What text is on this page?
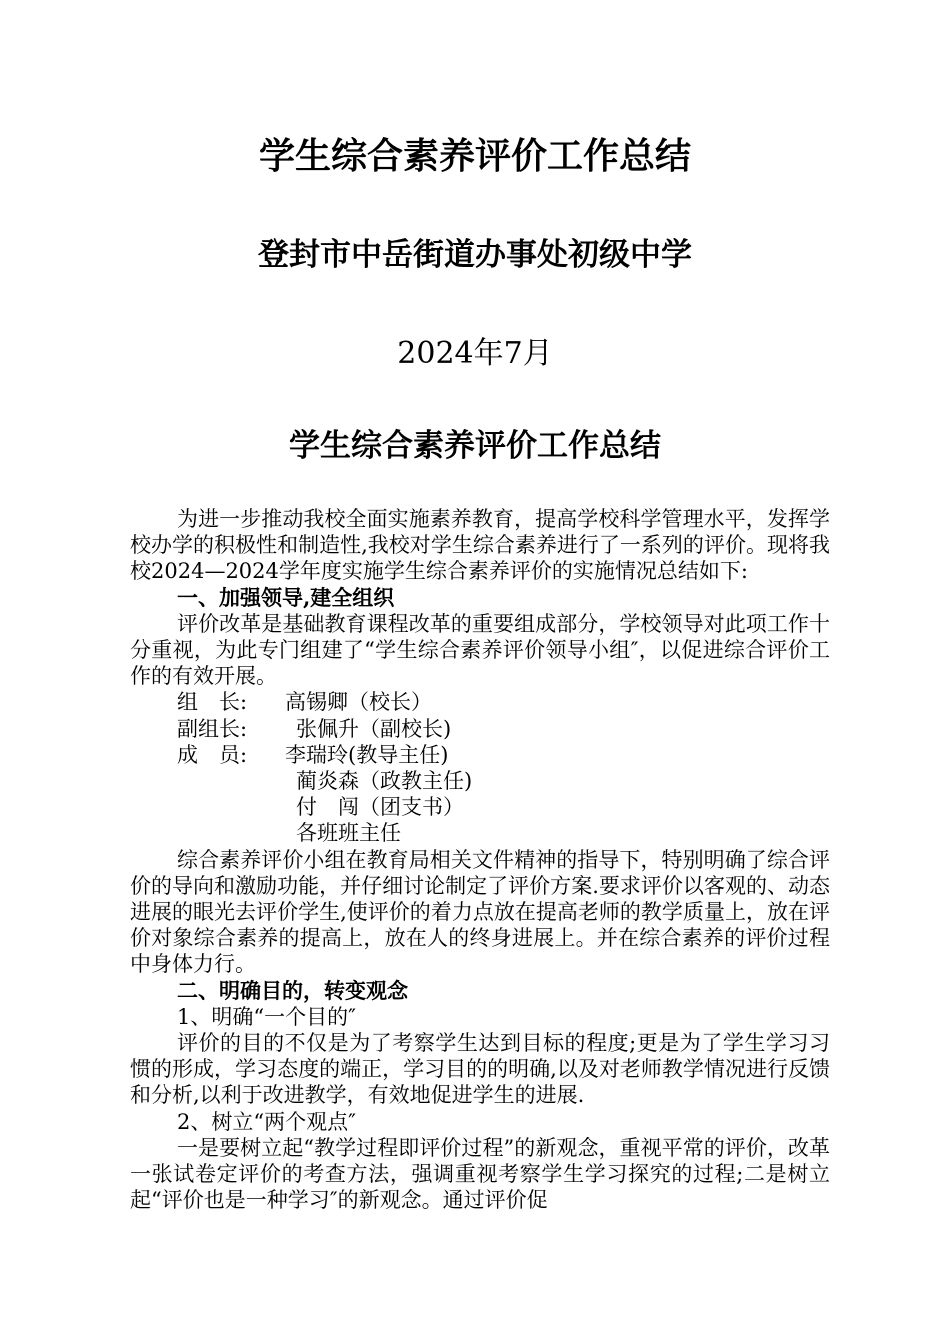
学生综合素养评价工作总结
登封市中岳街道办事处初级中学
2024年7月
学生综合素养评价工作总结

为进一步推动我校全面实施素养教育，提高学校科学管理水平，发挥学校办学的积极性和制造性,我校对学生综合素养进行了一系列的评价。现将我校2024—2024学年度实施学生综合素养评价的实施情况总结如下:

一、加强领导,建全组织

评价改革是基础教育课程改革的重要组成部分，学校领导对此项工作十分重视，为此专门组建了“学生综合素养评价领导小组″，以促进综合评价工作的有效开展。

组　长: 高锡卿（校长）
副组长: 张佩升（副校长)
成　员: 李瑞玲(教导主任)
蔺炎森（政教主任)
付　闯（团支书）
各班班主任

综合素养评价小组在教育局相关文件精神的指导下，特别明确了综合评价的导向和激励功能，并仔细讨论制定了评价方案.要求评价以客观的、动态进展的眼光去评价学生,使评价的着力点放在提高老师的教学质量上，放在评价对象综合素养的提高上，放在人的终身进展上。并在综合素养的评价过程中身体力行。

二、明确目的，转变观念

1、明确“一个目的″

评价的目的不仅是为了考察学生达到目标的程度;更是为了学生学习习惯的形成，学习态度的端正，学习目的的明确,以及对老师教学情况进行反馈和分析,以利于改进教学，有效地促进学生的进展.

2、树立“两个观点″

一是要树立起“教学过程即评价过程”的新观念，重视平常的评价，改革一张试卷定评价的考查方法，强调重视考察学生学习探究的过程;二是树立起“评价也是一种学习″的新观念。通过评价促
